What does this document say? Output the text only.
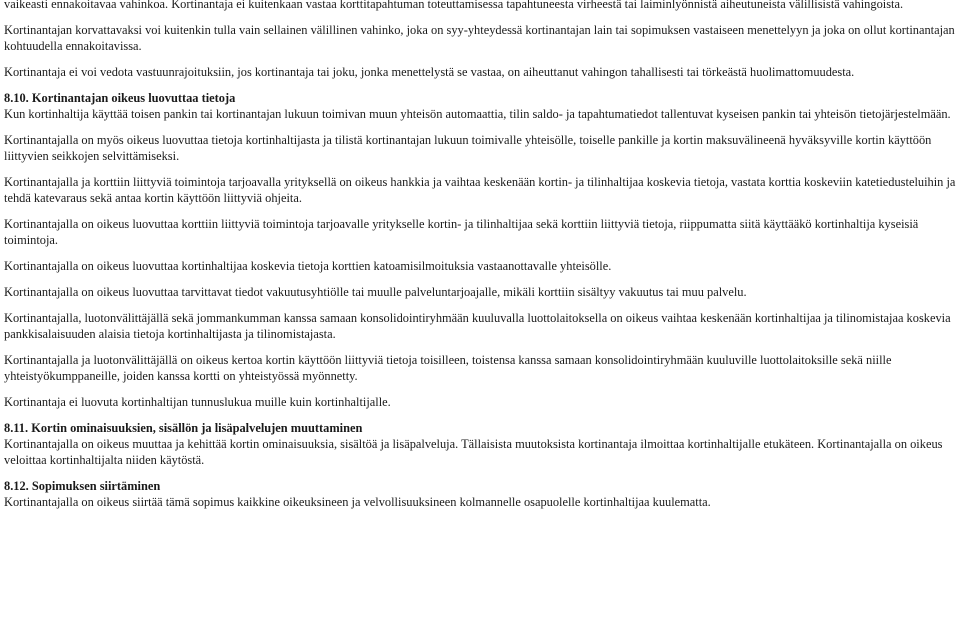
vaikeasti ennakoitavaa vahinkoa. Kortinantaja ei kuitenkaan vastaa korttitapahtuman toteuttamisessa tapahtuneesta virheestä tai laiminlyönnistä aiheutuneista välillisistä vahingoista.

Kortinantajan korvattavaksi voi kuitenkin tulla vain sellainen välillinen vahinko, joka on syy-yhteydessä kortinantajan lain tai sopimuksen vastaiseen menettelyyn ja joka on ollut kortinantajan kohtuudella ennakoitavissa.

Kortinantaja ei voi vedota vastuunrajoituksiin, jos kortinantaja tai joku, jonka menettelystä se vastaa, on aiheuttanut vahingon tahallisesti tai törkeästä huolimattomuudesta.

8.10. Kortinantajan oikeus luovuttaa tietoja

Kun kortinhaltija käyttää toisen pankin tai kortinantajan lukuun toimivan muun yhteisön automaattia, tilin saldo- ja tapahtumatiedot tallentuvat kyseisen pankin tai yhteisön tietojärjestelmään.

Kortinantajalla on myös oikeus luovuttaa tietoja kortinhaltijasta ja tilistä kortinantajan lukuun toimivalle yhteisölle, toiselle pankille ja kortin maksuvälineenä hyväksyville kortin käyttöön liittyvien seikkojen selvittämiseksi.

Kortinantajalla ja korttiin liittyviä toimintoja tarjoavalla yrityksellä on oikeus hankkia ja vaihtaa keskenään kortin- ja tilinhaltijaa koskevia tietoja, vastata korttia koskeviin katetiedusteluihin ja tehdä katevaraus sekä antaa kortin käyttöön liittyviä ohjeita.

Kortinantajalla on oikeus luovuttaa korttiin liittyviä toimintoja tarjoavalle yritykselle kortin- ja tilinhaltijaa sekä korttiin liittyviä tietoja, riippumatta siitä käyttääkö kortinhaltija kyseisiä toimintoja.

Kortinantajalla on oikeus luovuttaa kortinhaltijaa koskevia tietoja korttien katoamisilmoituksia vastaanottavalle yhteisölle.

Kortinantajalla on oikeus luovuttaa tarvittavat tiedot vakuutusyhtiölle tai muulle palveluntarjoajalle, mikäli korttiin sisältyy vakuutus tai muu palvelu.

Kortinantajalla, luotonvälittäjällä sekä jommankumman kanssa samaan konsolidointiryhmään kuuluvalla luottolaitoksella on oikeus vaihtaa keskenään kortinhaltijaa ja tilinomistajaa koskevia pankkisalaisuuden alaisia tietoja kortinhaltijasta ja tilinomistajasta.

Kortinantajalla ja luotonvälittäjällä on oikeus kertoa kortin käyttöön liittyviä tietoja toisilleen, toistensa kanssa samaan konsolidointiryhmään kuuluville luottolaitoksille sekä niille yhteistyökumppaneille, joiden kanssa kortti on yhteistyössä myönnetty.

Kortinantaja ei luovuta kortinhaltijan tunnuslukua muille kuin kortinhaltijalle.

8.11. Kortin ominaisuuksien, sisällön ja lisäpalvelujen muuttaminen

Kortinantajalla on oikeus muuttaa ja kehittää kortin ominaisuuksia, sisältöä ja lisäpalveluja. Tällaisista muutoksista kortinantaja ilmoittaa kortinhaltijalle etukäteen. Kortinantajalla on oikeus veloittaa kortinhaltijalta niiden käytöstä.

8.12. Sopimuksen siirtäminen

Kortinantajalla on oikeus siirtää tämä sopimus kaikkine oikeuksineen ja velvollisuuksineen kolmannelle osapuolelle kortinhaltijaa kuulematta.
